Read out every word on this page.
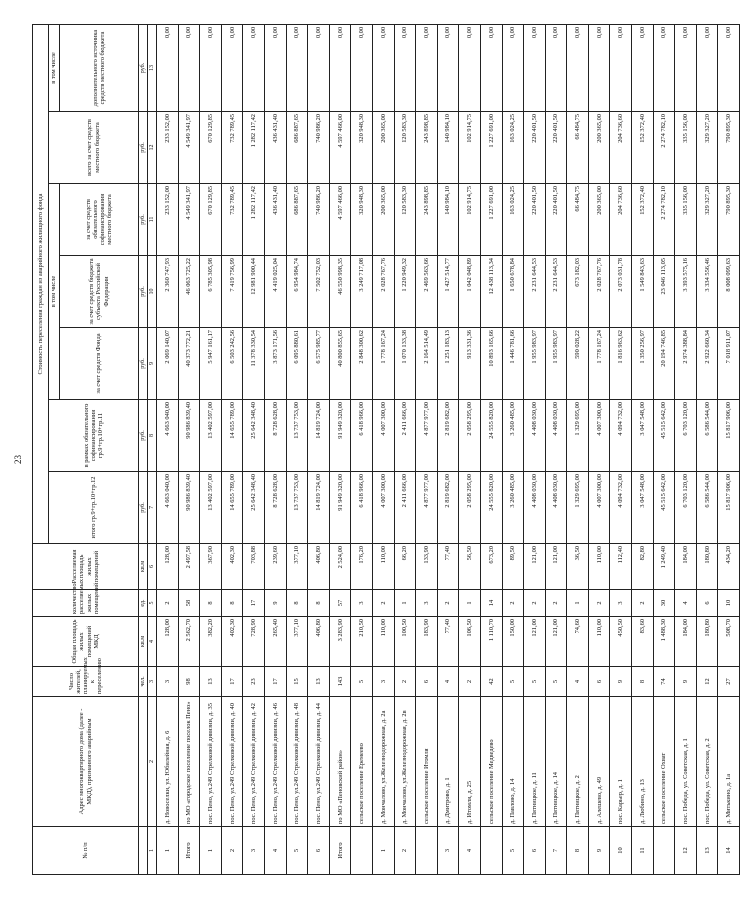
23
№ п/п	Адрес многоквартирного дома (далее - МКД), признанного аварийным	Число жителей, планируемых к переселению	Общая площадь жилых помещений МКД	количество расселяемых жилых помещений	Расселяемая площадь жилых помещений	Стоимость переселения граждан из аварийного жилищного фонда						
						итого гр.9+гр.10+гр.12	в рамках обязательного софинансирования гр.9+гр.10+гр.11	в том числе			всего за счет средств местного бюджета	в том числе
								за счет средств Фонда	за счет средств бюджета субъекта Российской Федерации	за счет средств обязательного софинансирования местного бюджета		дополнительного источника средств местного бюджета
		чел.	кв.м	ед.	кв.м	руб.	руб.	руб.	руб.	руб.	руб.	руб.
1	2	3	4	5	6	7	8	9	10	11	12	13
1	д. Новоселки, ул. Юбилейная, д. 6	3	128,00	2	128,00	4 663 040,00	4 663 040,00	2 069 140,07	2 360 747,93	233 152,00	233 152,00	0,00
Итого	по МО «городское поселение поселок Пено»	98	2 562,70	58	2 497,58	90 986 839,40	90 986 839,40	40 373 772,21	46 063 725,22	4 549 341,97	4 549 341,97	0,00
1	пос. Пено, ул.249 Стрелковой дивизии, д. 35	13	382,20	8	367,90	13 402 597,00	13 402 597,00	5 947 161,17	6 785 305,98	670 129,85	670 129,85	0,00
2	пос. Пено, ул.249 Стрелковой дивизии, д. 40	17	402,30	8	402,30	14 655 789,00	14 655 789,00	6 503 242,56	7 419 756,99	732 789,45	732 789,45	0,00
3	пос. Пено, ул.249 Стрелковой дивизии, д. 42	23	728,90	17	703,88	25 642 348,40	25 642 348,40	11 378 330,54	12 981 900,44	1 282 117,42	1 282 117,42	0,00
4	пос. Пено, ул.249 Стрелковой дивизии, д. 46	17	265,40	9	239,60	8 728 628,00	8 728 628,00	3 873 171,56	4 419 025,04	436 431,40	436 431,40	0,00
5	пос. Пено, ул.249 Стрелковой дивизии, д. 48	15	377,10	8	377,10	13 737 753,00	13 737 753,00	6 095 880,61	6 954 984,74	686 887,65	686 887,65	0,00
6	пос. Пено, ул.249 Стрелковой дивизии, д. 44	13	406,80	8	406,80	14 819 724,00	14 819 724,00	6 575 985,77	7 502 752,03	740 986,20	740 986,20	0,00
Итого	по МО «Пеновский район»	143	3 283,90	57	2 524,00	91 949 320,00	91 949 320,00	40 800 855,65	46 550 998,35	4 597 466,00	4 597 466,00	0,00
	сельское поселение Еремеево	5	210,50	3	176,20	6 418 966,00	6 418 966,00	2 848 300,62	3 249 717,08	320 948,30	320 948,30	0,00
1	д. Мончалово, ул.Железнодорожная, д. 2а	3	110,00	2	110,00	4 007 300,00	4 007 300,00	1 778 167,24	2 028 767,76	200 365,00	200 365,00	0,00
2	д. Мончалово, ул.Железнодорожная, д. 2в	2	100,50	1	66,20	2 411 666,00	2 411 666,00	1 070 133,38	1 220 949,32	120 583,30	120 583,30	0,00
	сельское поселение Итомля	6	183,90	3	133,90	4 877 977,00	4 877 977,00	2 164 514,49	2 469 563,66	243 898,85	243 898,85	0,00
3	д. Дмитрово, д. 1	4	77,40	2	77,40	2 819 682,00	2 819 682,00	1 251 183,13	1 427 514,77	140 984,10	140 984,10	0,00
4	д. Итомля, д. 25	2	106,50	1	56,50	2 058 295,00	2 058 295,00	913 331,36	1 042 048,89	102 914,75	102 914,75	0,00
	сельское поселение Медведево	42	1 110,70	14	673,20	24 555 820,00	24 555 820,00	10 893 165,66	12 438 113,34	1 227 691,00	1 227 691,00	0,00
5	д. Павлово, д. 14	5	150,00	2	89,50	3 260 485,00	3 260 485,00	1 446 781,66	1 650 678,84	163 024,25	163 024,25	0,00
6	д. Пятницкое, д. 11	5	121,00	2	121,00	4 408 030,00	4 408 030,00	1 955 983,97	2 231 644,53	220 401,50	220 401,50	0,00
7	д. Пятницкое, д. 14	5	121,00	2	121,00	4 408 030,00	4 408 030,00	1 955 983,97	2 231 644,53	220 401,50	220 401,50	0,00
8	д. Пятницкое, д. 2	4	74,60	1	36,50	1 329 695,00	1 329 695,00	590 028,22	673 182,03	66 484,75	66 484,75	0,00
9	д. Алешево, д. 49	6	110,00	2	110,00	4 007 300,00	4 007 300,00	1 778 167,24	2 028 767,76	200 365,00	200 365,00	0,00
10	пос. Карьер, д. 1	9	450,50	3	112,40	4 094 732,00	4 094 732,00	1 816 963,62	2 073 031,78	204 736,60	204 736,60	0,00
11	д. Любино, д. 13	8	83,60	2	82,80	3 047 548,00	3 047 548,00	1 350 256,97	1 549 843,63	152 372,40	152 372,40	0,00
	сельское поселение Охват	74	1 488,30	30	1 249,40	45 515 642,00	45 515 642,00	20 194 746,85	23 046 113,05	2 274 782,10	2 274 782,10	0,00
12	пос. Победа, ул. Советская, д. 1	9	184,00	4	184,00	6 703 120,00	6 703 120,00	2 974 388,84	3 393 575,16	335 156,00	335 156,00	0,00
13	пос. Победа, ул. Советская, д. 2	12	180,80	6	180,80	6 586 544,00	6 586 544,00	2 922 660,34	3 334 556,46	329 327,20	329 327,20	0,00
14	д. Митькино, д. 1а	27	508,70	10	434,20	15 817 906,00	15 817 906,00	7 018 911,07	8 008 099,63	790 895,30	790 895,30	0,00
